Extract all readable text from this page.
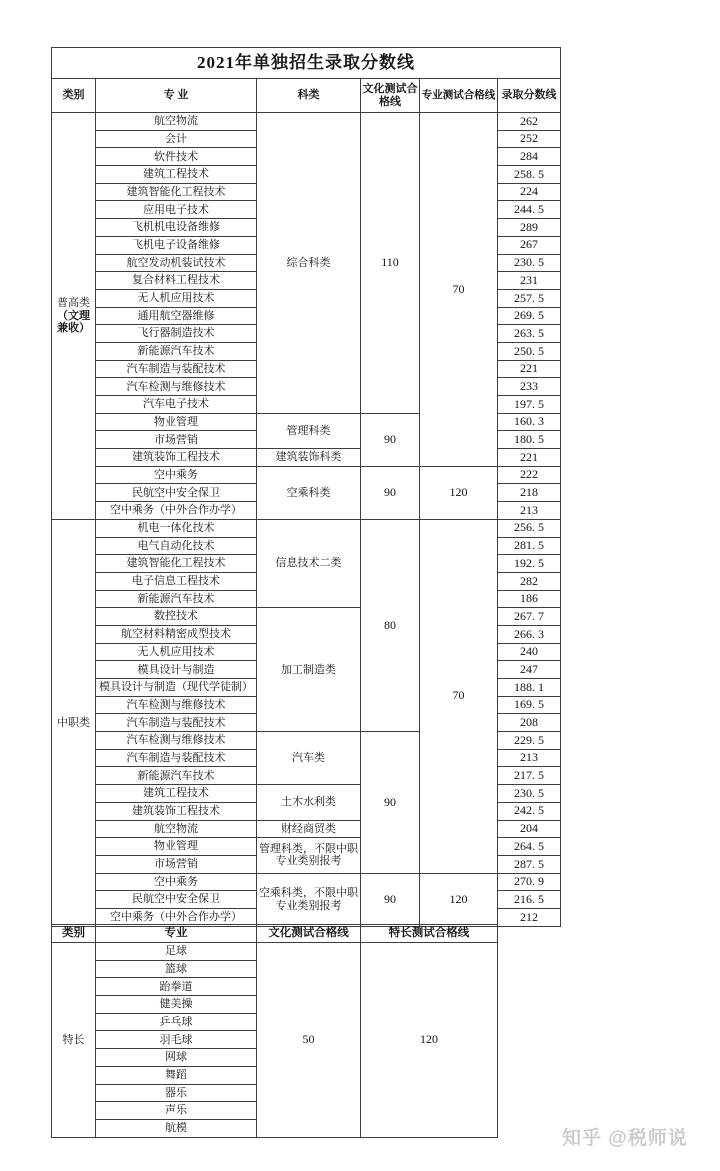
2021年单独招生录取分数线					
类别	专 业	科类	文化测试合格线	专业测试合格线	录取分数线
普高类（文理兼收）	航空物流	综合科类	110	70	262
	会计				252
	软件技术				284
	建筑工程技术				258. 5
	建筑智能化工程技术				224
	应用电子技术				244. 5
	飞机机电设备维修				289
	飞机电子设备维修				267
	航空发动机装试技术				230. 5
	复合材料工程技术				231
	无人机应用技术				257. 5
	通用航空器维修				269. 5
	飞行器制造技术				263. 5
	新能源汽车技术				250. 5
	汽车制造与装配技术				221
	汽车检测与维修技术				233
	汽车电子技术				197. 5
	物业管理	管理科类	90		160. 3
	市场营销				180. 5
	建筑装饰工程技术	建筑装饰科类			221
	空中乘务	空乘科类	90	120	222
	民航空中安全保卫				218
	空中乘务（中外合作办学）				213
中职类	机电一体化技术	信息技术二类	80	70	256. 5
	电气自动化技术				281. 5
	建筑智能化工程技术				192. 5
	电子信息工程技术				282
	新能源汽车技术				186
	数控技术	加工制造类			267. 7
	航空材料精密成型技术				266. 3
	无人机应用技术				240
	模具设计与制造				247
	模具设计与制造（现代学徒制）				188. 1
	汽车检测与维修技术				169. 5
	汽车制造与装配技术				208
	汽车检测与维修技术	汽车类	90		229. 5
	汽车制造与装配技术				213
	新能源汽车技术				217. 5
	建筑工程技术	土木水利类			230. 5
	建筑装饰工程技术				242. 5
	航空物流	财经商贸类			204
	物业管理	管理科类，不限中职专业类别报考			264. 5
	市场营销				287. 5
	空中乘务	空乘科类，不限中职专业类别报考	90	120	270. 9
	民航空中安全保卫				216. 5
	空中乘务（中外合作办学）				212
类别	专业	文化测试合格线	特长测试合格线
特长	足球	50	120
	篮球		
	跆拳道		
	健美操		
	乒乓球		
	羽毛球		
	网球		
	舞蹈		
	器乐		
	声乐		
	航模			知乎 @税师说
